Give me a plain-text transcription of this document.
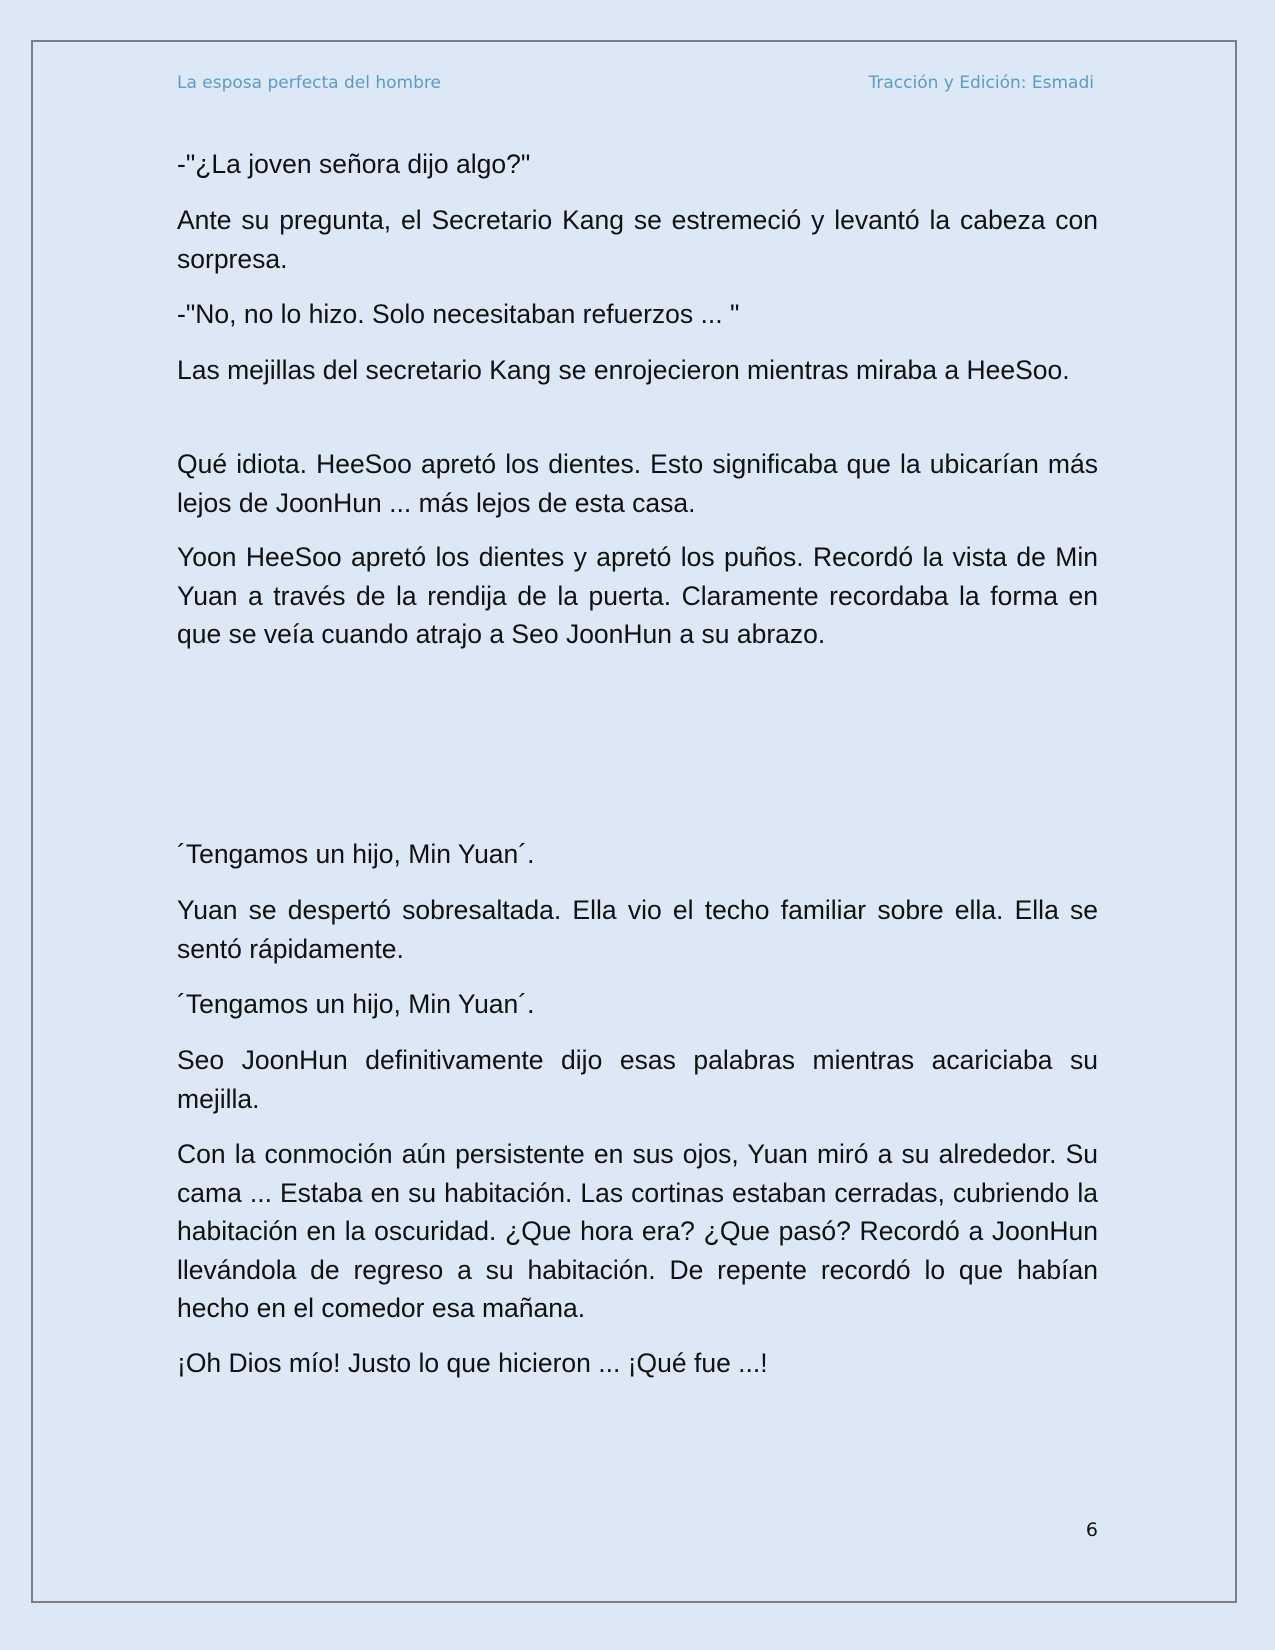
La esposa perfecta del hombre	Tracción y Edición: Esmadi

-"¿La joven señora dijo algo?"

Ante su pregunta, el Secretario Kang se estremeció y levantó la cabeza con sorpresa.

-"No, no lo hizo. Solo necesitaban refuerzos ... "

Las mejillas del secretario Kang se enrojecieron mientras miraba a HeeSoo.

Qué idiota. HeeSoo apretó los dientes. Esto significaba que la ubicarían más lejos de JoonHun ... más lejos de esta casa.

Yoon HeeSoo apretó los dientes y apretó los puños. Recordó la vista de Min Yuan a través de la rendija de la puerta. Claramente recordaba la forma en que se veía cuando atrajo a Seo JoonHun a su abrazo.

´Tengamos un hijo, Min Yuan´.

Yuan se despertó sobresaltada. Ella vio el techo familiar sobre ella. Ella se sentó rápidamente.

´Tengamos un hijo, Min Yuan´.

Seo JoonHun definitivamente dijo esas palabras mientras acariciaba su mejilla.

Con la conmoción aún persistente en sus ojos, Yuan miró a su alrededor. Su cama ... Estaba en su habitación. Las cortinas estaban cerradas, cubriendo la habitación en la oscuridad. ¿Que hora era? ¿Que pasó? Recordó a JoonHun llevándola de regreso a su habitación. De repente recordó lo que habían hecho en el comedor esa mañana.

¡Oh Dios mío! Justo lo que hicieron ... ¡Qué fue ...!

6
